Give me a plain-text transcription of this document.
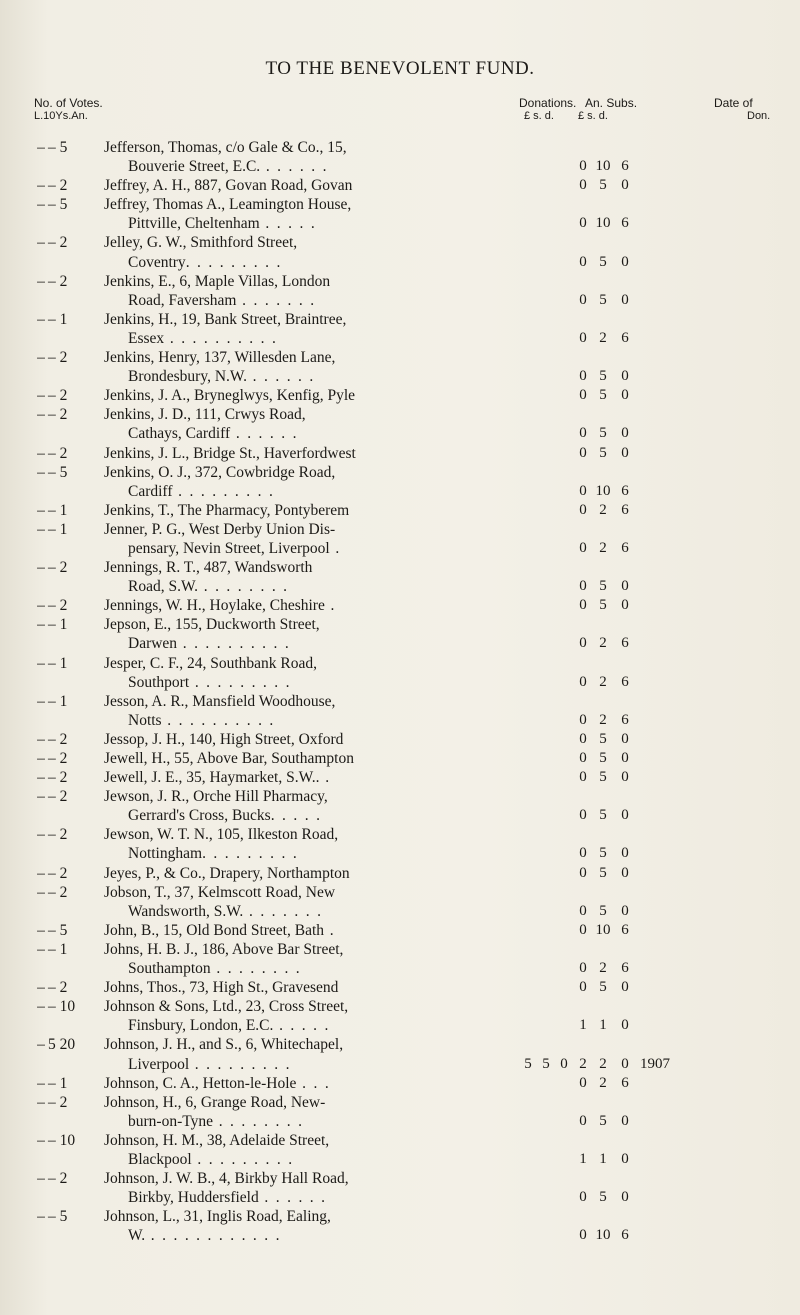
TO THE BENEVOLENT FUND.
No. of Votes.
L.10Ys.An.
Donations.
£ s. d.
An. Subs.
£ s. d.
Date of
Don.
– – 5	Jefferson, Thomas, c/o Gale & Co., 15,
Bouverie Street, E.C. . . . . . .	0 10 6
– – 2	Jeffrey, A. H., 887, Govan Road, Govan	0 5 0
– – 5	Jeffrey, Thomas A., Leamington House,
Pittville, Cheltenham . . . . .	0 10 6
– – 2	Jelley, G. W., Smithford Street,
Coventry. . . . . . . . .	0 5 0
– – 2	Jenkins, E., 6, Maple Villas, London
Road, Faversham . . . . . . .	0 5 0
– – 1	Jenkins, H., 19, Bank Street, Braintree,
Essex . . . . . . . . . .	0 2 6
– – 2	Jenkins, Henry, 137, Willesden Lane,
Brondesbury, N.W. . . . . . .	0 5 0
– – 2	Jenkins, J. A., Bryneglwys, Kenfig, Pyle	0 5 0
– – 2	Jenkins, J. D., 111, Crwys Road,
Cathays, Cardiff . . . . . .	0 5 0
– – 2	Jenkins, J. L., Bridge St., Haverfordwest	0 5 0
– – 5	Jenkins, O. J., 372, Cowbridge Road,
Cardiff . . . . . . . . .	0 10 6
– – 1	Jenkins, T., The Pharmacy, Pontyberem	0 2 6
– – 1	Jenner, P. G., West Derby Union Dis-
pensary, Nevin Street, Liverpool .	0 2 6
– – 2	Jennings, R. T., 487, Wandsworth
Road, S.W. . . . . . . . .	0 5 0
– – 2	Jennings, W. H., Hoylake, Cheshire .	0 5 0
– – 1	Jepson, E., 155, Duckworth Street,
Darwen . . . . . . . . . .	0 2 6
– – 1	Jesper, C. F., 24, Southbank Road,
Southport . . . . . . . . .	0 2 6
– – 1	Jesson, A. R., Mansfield Woodhouse,
Notts . . . . . . . . . .	0 2 6
– – 2	Jessop, J. H., 140, High Street, Oxford	0 5 0
– – 2	Jewell, H., 55, Above Bar, Southampton	0 5 0
– – 2	Jewell, J. E., 35, Haymarket, S.W.. .	0 5 0
– – 2	Jewson, J. R., Orche Hill Pharmacy,
Gerrard's Cross, Bucks. . . . .	0 5 0
– – 2	Jewson, W. T. N., 105, Ilkeston Road,
Nottingham. . . . . . . . .	0 5 0
– – 2	Jeyes, P., & Co., Drapery, Northampton	0 5 0
– – 2	Jobson, T., 37, Kelmscott Road, New
Wandsworth, S.W. . . . . . . .	0 5 0
– – 5	John, B., 15, Old Bond Street, Bath .	0 10 6
– – 1	Johns, H. B. J., 186, Above Bar Street,
Southampton . . . . . . . .	0 2 6
– – 2	Johns, Thos., 73, High St., Gravesend	0 5 0
– – 10	Johnson & Sons, Ltd., 23, Cross Street,
Finsbury, London, E.C. . . . . .	1 1 0
– 5 20	Johnson, J. H., and S., 6, Whitechapel,
Liverpool . . . . . . . . .	5 5 0 2 2 0 1907
– – 1	Johnson, C. A., Hetton-le-Hole . . .	0 2 6
– – 2	Johnson, H., 6, Grange Road, New-
burn-on-Tyne . . . . . . . .	0 5 0
– – 10	Johnson, H. M., 38, Adelaide Street,
Blackpool . . . . . . . . .	1 1 0
– – 2	Johnson, J. W. B., 4, Birkby Hall Road,
Birkby, Huddersfield . . . . . .	0 5 0
– – 5	Johnson, L., 31, Inglis Road, Ealing,
W. . . . . . . . . . . . .	0 10 6
